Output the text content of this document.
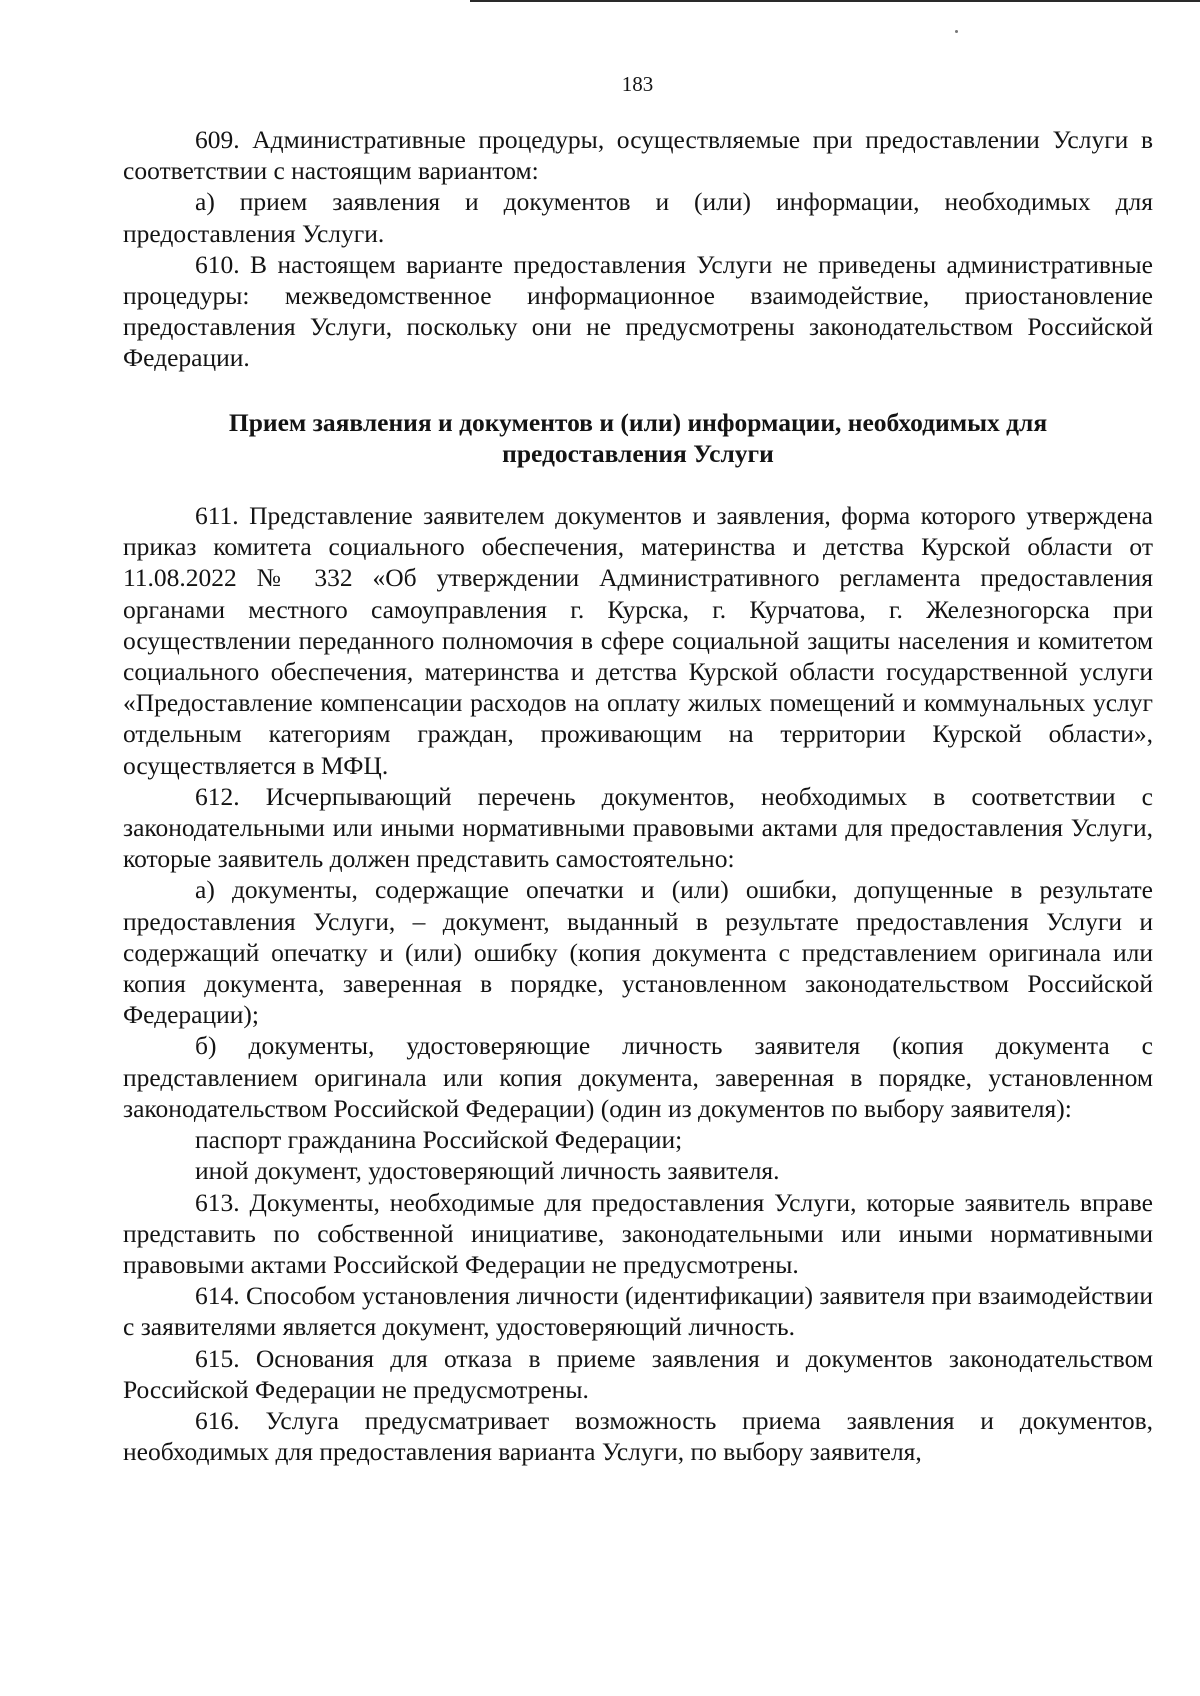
183

609. Административные процедуры, осуществляемые при предоставлении Услуги в соответствии с настоящим вариантом:

а) прием заявления и документов и (или) информации, необходимых для предоставления Услуги.

610. В настоящем варианте предоставления Услуги не приведены административные процедуры: межведомственное информационное взаимодействие, приостановление предоставления Услуги, поскольку они не предусмотрены законодательством Российской Федерации.

Прием заявления и документов и (или) информации, необходимых для
предоставления Услуги

611. Представление заявителем документов и заявления, форма которого утверждена приказ комитета социального обеспечения, материнства и детства Курской области от 11.08.2022 № 332 «Об утверждении Административного регламента предоставления органами местного самоуправления г. Курска, г. Курчатова, г. Железногорска при осуществлении переданного полномочия в сфере социальной защиты населения и комитетом социального обеспечения, материнства и детства Курской области государственной услуги «Предоставление компенсации расходов на оплату жилых помещений и коммунальных услуг отдельным категориям граждан, проживающим на территории Курской области», осуществляется в МФЦ.

612. Исчерпывающий перечень документов, необходимых в соответствии с законодательными или иными нормативными правовыми актами для предоставления Услуги, которые заявитель должен представить самостоятельно:

а) документы, содержащие опечатки и (или) ошибки, допущенные в результате предоставления Услуги, – документ, выданный в результате предоставления Услуги и содержащий опечатку и (или) ошибку (копия документа с представлением оригинала или копия документа, заверенная в порядке, установленном законодательством Российской Федерации);

б) документы, удостоверяющие личность заявителя (копия документа с представлением оригинала или копия документа, заверенная в порядке, установленном законодательством Российской Федерации) (один из документов по выбору заявителя):

паспорт гражданина Российской Федерации;

иной документ, удостоверяющий личность заявителя.

613. Документы, необходимые для предоставления Услуги, которые заявитель вправе представить по собственной инициативе, законодательными или иными нормативными правовыми актами Российской Федерации не предусмотрены.

614. Способом установления личности (идентификации) заявителя при взаимодействии с заявителями является документ, удостоверяющий личность.

615. Основания для отказа в приеме заявления и документов законодательством Российской Федерации не предусмотрены.

616. Услуга предусматривает возможность приема заявления и документов, необходимых для предоставления варианта Услуги, по выбору заявителя,
